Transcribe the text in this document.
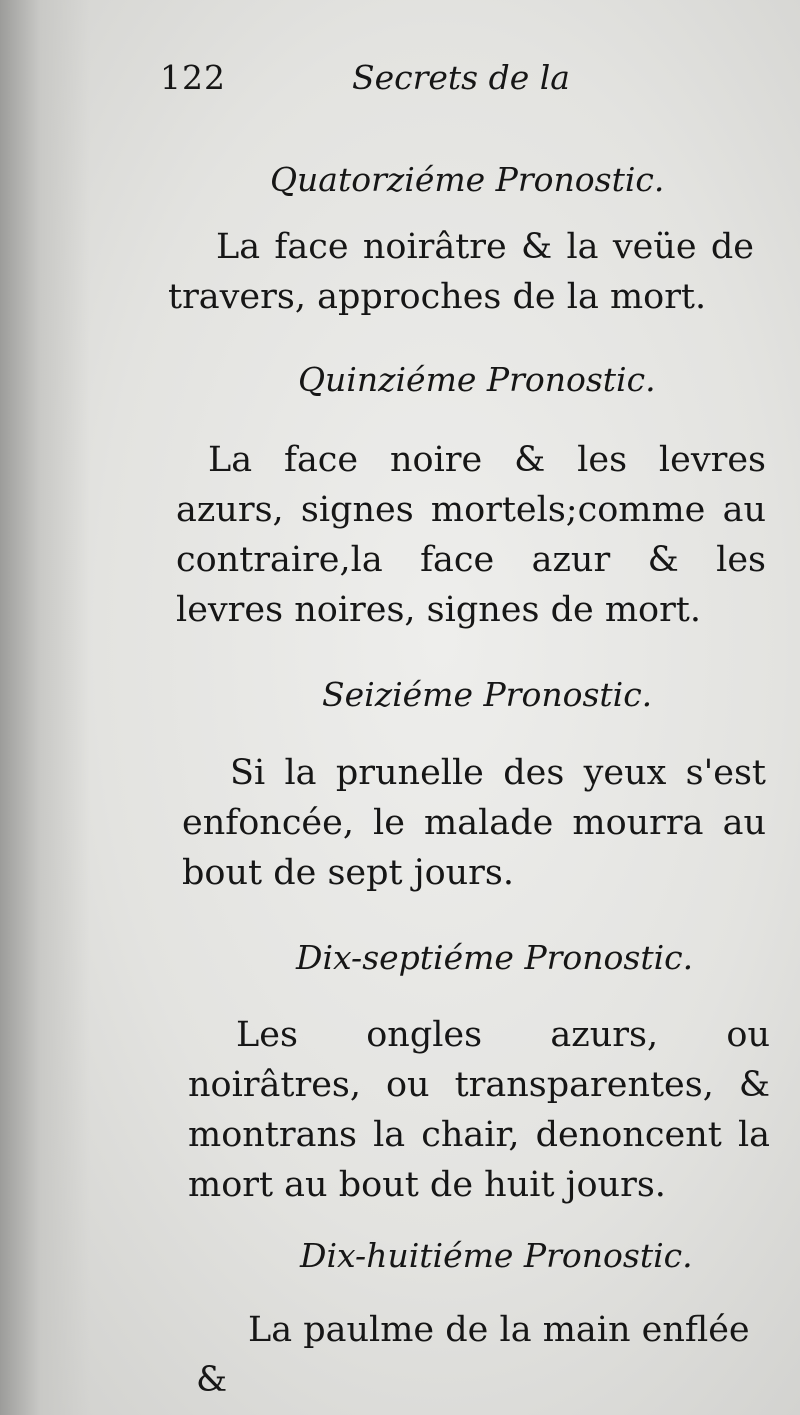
122	Secrets de la
Quatorziéme Pronostic.

La face noirâtre & la veüe de travers, approches de la mort.

Quinziéme Pronostic.

La face noire & les levres azurs, signes mortels;comme au contraire,la face azur & les levres noires, signes de mort.

Seiziéme Pronostic.

Si la prunelle des yeux s'est enfoncée, le malade mourra au bout de sept jours.

Dix-septiéme Pronostic.

Les ongles azurs, ou noirâtres, ou transparentes, & montrans la chair, denoncent la mort au bout de huit jours.

Dix-huitiéme Pronostic.

La paulme de la main enflée &
